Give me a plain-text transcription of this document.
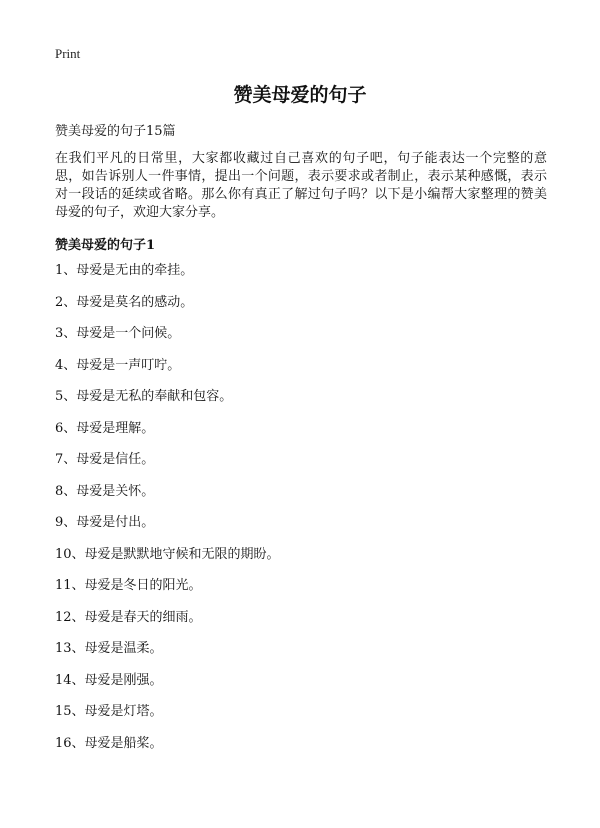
Print
赞美母爱的句子
赞美母爱的句子15篇

在我们平凡的日常里，大家都收藏过自己喜欢的句子吧，句子能表达一个完整的意思，如告诉别人一件事情，提出一个问题，表示要求或者制止，表示某种感慨，表示对一段话的延续或省略。那么你有真正了解过句子吗？以下是小编帮大家整理的赞美母爱的句子，欢迎大家分享。

赞美母爱的句子1
1、母爱是无由的牵挂。
2、母爱是莫名的感动。
3、母爱是一个问候。
4、母爱是一声叮咛。
5、母爱是无私的奉献和包容。
6、母爱是理解。
7、母爱是信任。
8、母爱是关怀。
9、母爱是付出。
10、母爱是默默地守候和无限的期盼。
11、母爱是冬日的阳光。
12、母爱是春天的细雨。
13、母爱是温柔。
14、母爱是刚强。
15、母爱是灯塔。
16、母爱是船桨。
